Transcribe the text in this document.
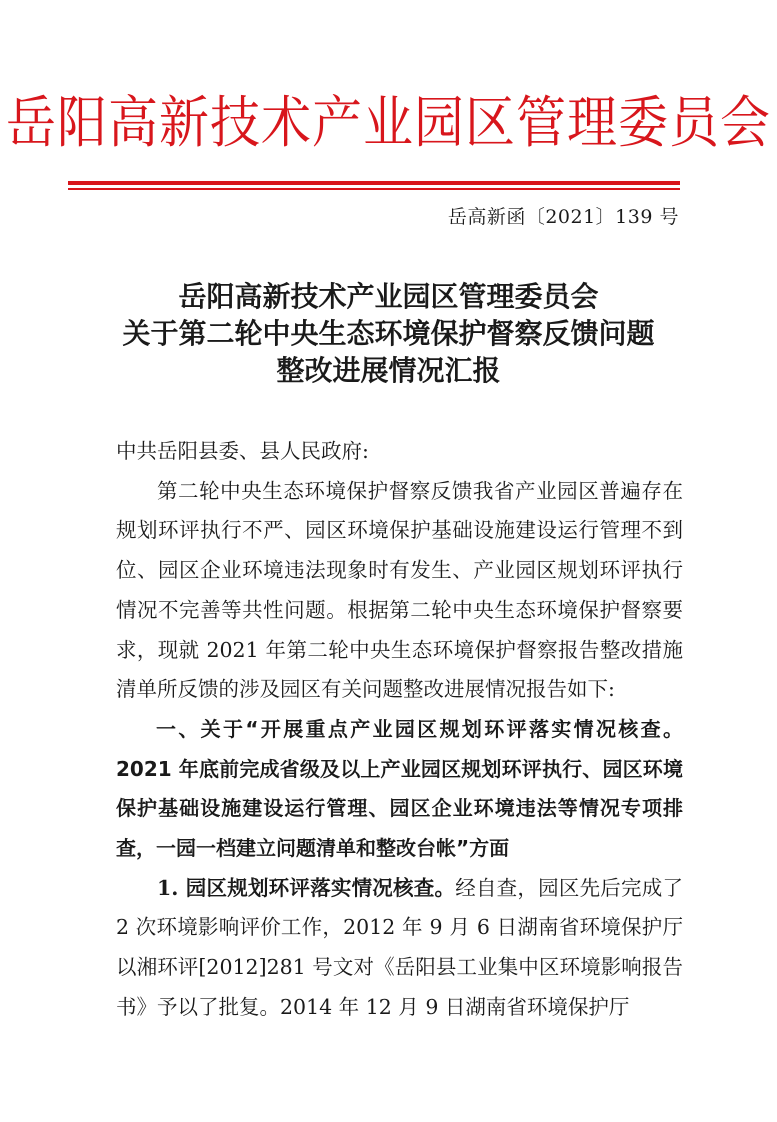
岳阳高新技术产业园区管理委员会
岳高新函〔2021〕139 号
岳阳高新技术产业园区管理委员会
关于第二轮中央生态环境保护督察反馈问题
整改进展情况汇报

中共岳阳县委、县人民政府:

第二轮中央生态环境保护督察反馈我省产业园区普遍存在规划环评执行不严、园区环境保护基础设施建设运行管理不到位、园区企业环境违法现象时有发生、产业园区规划环评执行情况不完善等共性问题。根据第二轮中央生态环境保护督察要求，现就 2021 年第二轮中央生态环境保护督察报告整改措施清单所反馈的涉及园区有关问题整改进展情况报告如下:

一、关于“开展重点产业园区规划环评落实情况核查。2021 年底前完成省级及以上产业园区规划环评执行、园区环境保护基础设施建设运行管理、园区企业环境违法等情况专项排查，一园一档建立问题清单和整改台帐”方面

1. 园区规划环评落实情况核查。经自查，园区先后完成了 2 次环境影响评价工作，2012 年 9 月 6 日湖南省环境保护厅以湘环评[2012]281 号文对《岳阳县工业集中区环境影响报告书》予以了批复。2014 年 12 月 9 日湖南省环境保护厅
